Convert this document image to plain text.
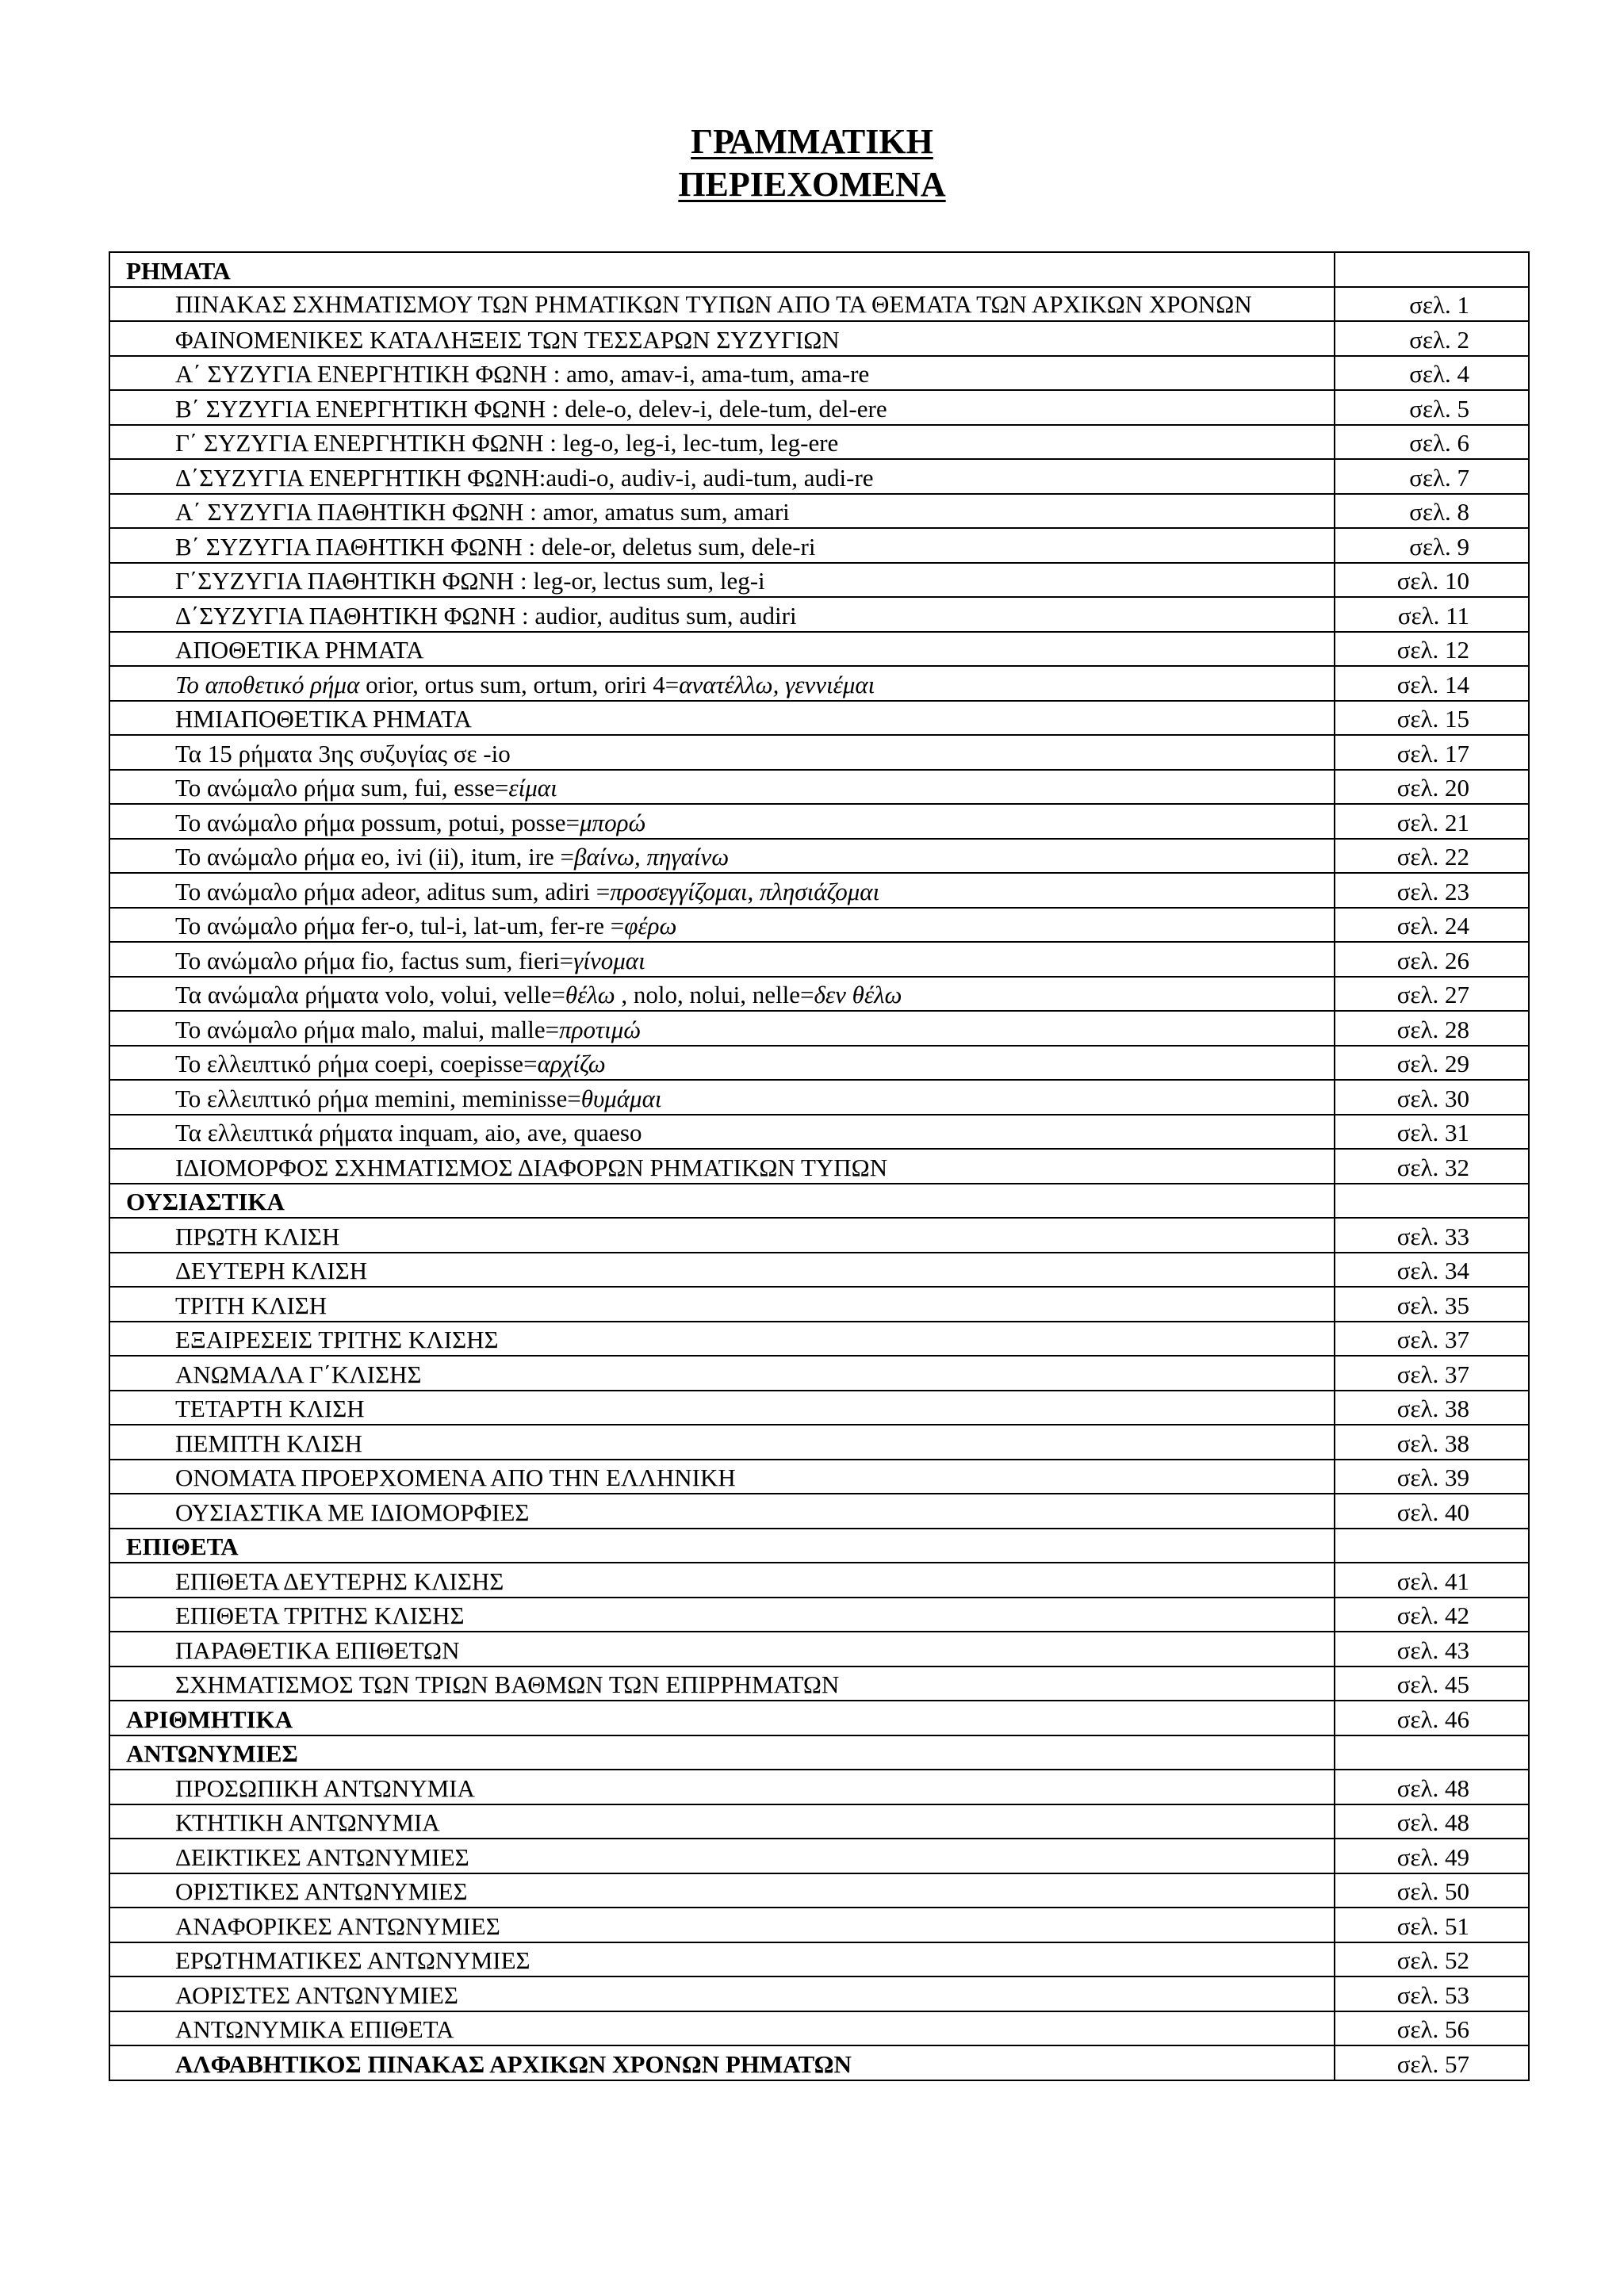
ΓΡΑΜΜΑΤΙΚΗ
ΠΕΡΙΕΧΟΜΕΝΑ
ΡΗΜΑΤΑ	
ΠΙΝΑΚΑΣ ΣΧΗΜΑΤΙΣΜΟΥ ΤΩΝ ΡΗΜΑΤΙΚΩΝ ΤΥΠΩΝ ΑΠΟ ΤΑ ΘΕΜΑΤΑ ΤΩΝ ΑΡΧΙΚΩΝ ΧΡΟΝΩΝ	σελ. 1
ΦΑΙΝΟΜΕΝΙΚΕΣ ΚΑΤΑΛΗΞΕΙΣ ΤΩΝ ΤΕΣΣΑΡΩΝ ΣΥΖΥΓΙΩΝ	σελ. 2
Α΄ ΣΥΖΥΓΙΑ ΕΝΕΡΓΗΤΙΚΗ ΦΩΝΗ : amo, amav-i, ama-tum, ama-re	σελ. 4
Β΄ ΣΥΖΥΓΙΑ ΕΝΕΡΓΗΤΙΚΗ ΦΩΝΗ : dele-o, delev-i, dele-tum, del-ere	σελ. 5
Γ΄ ΣΥΖΥΓΙΑ ΕΝΕΡΓΗΤΙΚΗ ΦΩΝΗ : leg-o, leg-i, lec-tum, leg-ere	σελ. 6
Δ΄ΣΥΖΥΓΙΑ ΕΝΕΡΓΗΤΙΚΗ ΦΩΝΗ:audi-o, audiv-i, audi-tum, audi-re	σελ. 7
Α΄ ΣΥΖΥΓΙΑ ΠΑΘΗΤΙΚΗ ΦΩΝΗ : amor, amatus sum, amari	σελ. 8
Β΄ ΣΥΖΥΓΙΑ ΠΑΘΗΤΙΚΗ ΦΩΝΗ : dele-or, deletus sum, dele-ri	σελ. 9
Γ΄ΣΥΖΥΓΙΑ ΠΑΘΗΤΙΚΗ ΦΩΝΗ : leg-or, lectus sum, leg-i	σελ. 10
Δ΄ΣΥΖΥΓΙΑ ΠΑΘΗΤΙΚΗ ΦΩΝΗ : audior, auditus sum, audiri	σελ. 11
ΑΠΟΘΕΤΙΚΑ ΡΗΜΑΤΑ	σελ. 12
Το αποθετικό ρήμα orior, ortus sum, ortum, oriri 4=ανατέλλω, γεννιέμαι	σελ. 14
ΗΜΙΑΠΟΘΕΤΙΚΑ ΡΗΜΑΤΑ	σελ. 15
Τα 15 ρήματα 3ης συζυγίας σε -io	σελ. 17
Το ανώμαλο ρήμα sum, fui, esse=είμαι	σελ. 20
Το ανώμαλο ρήμα possum, potui, posse=μπορώ	σελ. 21
Το ανώμαλο ρήμα eo, ivi (ii), itum, ire =βαίνω, πηγαίνω	σελ. 22
Το ανώμαλο ρήμα adeor, aditus sum, adiri =προσεγγίζομαι, πλησιάζομαι	σελ. 23
Το ανώμαλο ρήμα fer-o, tul-i, lat-um, fer-re =φέρω	σελ. 24
Το ανώμαλο ρήμα fio, factus sum, fieri=γίνομαι	σελ. 26
Τα ανώμαλα ρήματα volo, volui, velle=θέλω , nolo, nolui, nelle=δεν θέλω	σελ. 27
Το ανώμαλο ρήμα malo, malui, malle=προτιμώ	σελ. 28
Το ελλειπτικό ρήμα coepi, coepisse=αρχίζω	σελ. 29
Το ελλειπτικό ρήμα memini, meminisse=θυμάμαι	σελ. 30
Τα ελλειπτικά ρήματα inquam, aio, ave, quaeso	σελ. 31
ΙΔΙΟΜΟΡΦΟΣ ΣΧΗΜΑΤΙΣΜΟΣ ΔΙΑΦΟΡΩΝ ΡΗΜΑΤΙΚΩΝ ΤΥΠΩΝ	σελ. 32
ΟΥΣΙΑΣΤΙΚΑ	
ΠΡΩΤΗ ΚΛΙΣΗ	σελ. 33
ΔΕΥΤΕΡΗ ΚΛΙΣΗ	σελ. 34
ΤΡΙΤΗ ΚΛΙΣΗ	σελ. 35
ΕΞΑΙΡΕΣΕΙΣ ΤΡΙΤΗΣ ΚΛΙΣΗΣ	σελ. 37
ΑΝΩΜΑΛΑ Γ΄ΚΛΙΣΗΣ	σελ. 37
ΤΕΤΑΡΤΗ ΚΛΙΣΗ	σελ. 38
ΠΕΜΠΤΗ ΚΛΙΣΗ	σελ. 38
ΟΝΟΜΑΤΑ ΠΡΟΕΡΧΟΜΕΝΑ ΑΠΟ ΤΗΝ ΕΛΛΗΝΙΚΗ	σελ. 39
ΟΥΣΙΑΣΤΙΚΑ ΜΕ ΙΔΙΟΜΟΡΦΙΕΣ	σελ. 40
ΕΠΙΘΕΤΑ	
ΕΠΙΘΕΤΑ ΔΕΥΤΕΡΗΣ ΚΛΙΣΗΣ	σελ. 41
ΕΠΙΘΕΤΑ ΤΡΙΤΗΣ ΚΛΙΣΗΣ	σελ. 42
ΠΑΡΑΘΕΤΙΚΑ ΕΠΙΘΕΤΩΝ	σελ. 43
ΣΧΗΜΑΤΙΣΜΟΣ ΤΩΝ ΤΡΙΩΝ ΒΑΘΜΩΝ ΤΩΝ ΕΠΙΡΡΗΜΑΤΩΝ	σελ. 45
ΑΡΙΘΜΗΤΙΚΑ	σελ. 46
ΑΝΤΩΝΥΜΙΕΣ	
ΠΡΟΣΩΠΙΚΗ ΑΝΤΩΝΥΜΙΑ	σελ. 48
ΚΤΗΤΙΚΗ ΑΝΤΩΝΥΜΙΑ	σελ. 48
ΔΕΙΚΤΙΚΕΣ ΑΝΤΩΝΥΜΙΕΣ	σελ. 49
ΟΡΙΣΤΙΚΕΣ ΑΝΤΩΝΥΜΙΕΣ	σελ. 50
ΑΝΑΦΟΡΙΚΕΣ ΑΝΤΩΝΥΜΙΕΣ	σελ. 51
ΕΡΩΤΗΜΑΤΙΚΕΣ ΑΝΤΩΝΥΜΙΕΣ	σελ. 52
ΑΟΡΙΣΤΕΣ ΑΝΤΩΝΥΜΙΕΣ	σελ. 53
ΑΝΤΩΝΥΜΙΚΑ ΕΠΙΘΕΤΑ	σελ. 56
ΑΛΦΑΒΗΤΙΚΟΣ ΠΙΝΑΚΑΣ ΑΡΧΙΚΩΝ ΧΡΟΝΩΝ ΡΗΜΑΤΩΝ	σελ. 57
